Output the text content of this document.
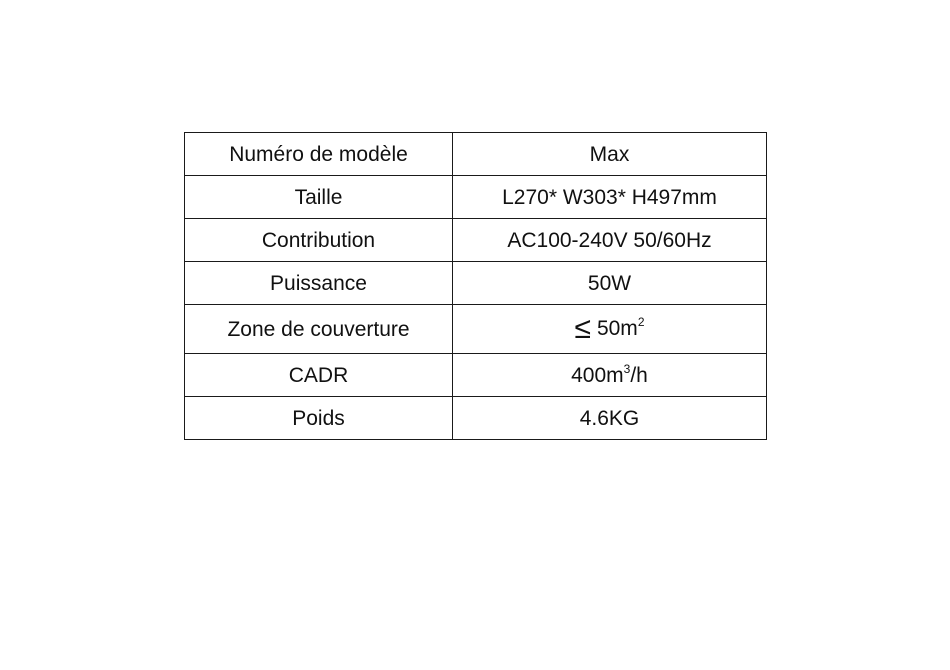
Numéro de modèle	Max
Taille	L270* W303* H497mm
Contribution	AC100-240V 50/60Hz
Puissance	50W
Zone de couverture	≤ $50m^2$
CADR	$400m^3/h$
Poids	4.6KG
